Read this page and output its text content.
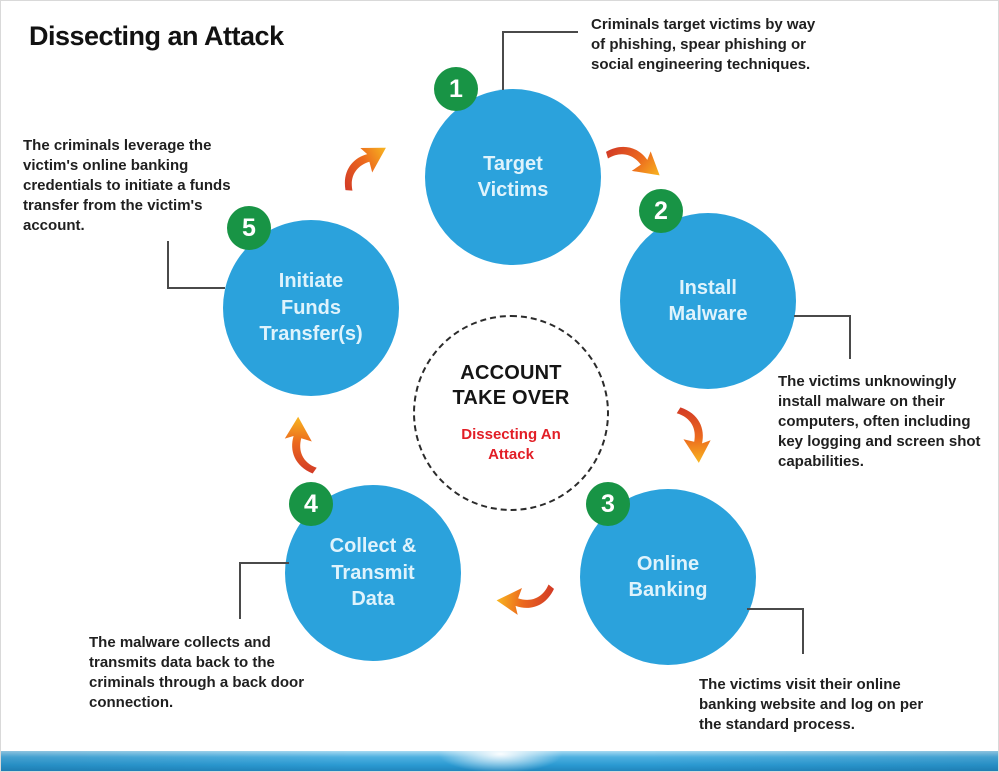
Dissecting an Attack
Target Victims
1
Criminals target victims by way of phishing, spear phishing or social engineering techniques.
Install Malware
2
The victims unknowingly install malware on their computers, often including key logging and screen shot capabilities.
Online Banking
3
The victims visit their online banking website and log on per the standard process.
Collect & Transmit Data
4
The malware collects and transmits data back to the criminals through a back door connection.
Initiate Funds Transfer(s)
5
The criminals leverage the victim's online banking credentials to initiate a funds transfer from the victim's account.
ACCOUNT TAKE OVER
Dissecting An Attack
